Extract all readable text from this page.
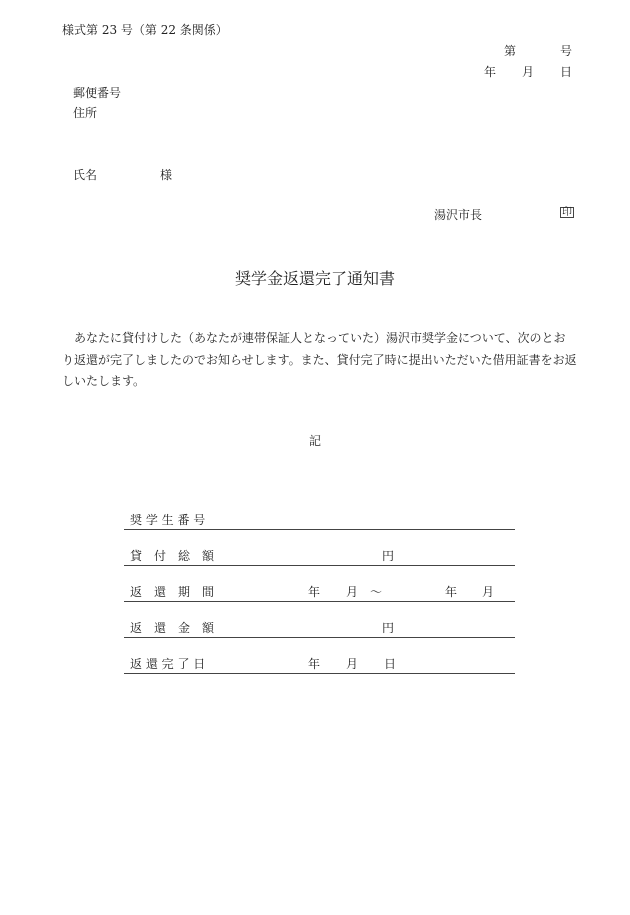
様式第 23 号（第 22 条関係）
第	号
年 月 日
郵便番号
住所
氏名	様
湯沢市長	印
奨学金返還完了通知書
あなたに貸付けした（あなたが連帯保証人となっていた）湯沢市奨学金について、次のとおり返還が完了しましたのでお知らせします。また、貸付完了時に提出いただいた借用証書をお返しいたします。
記
奨 学 生 番 号
貸　付　総　額	円
返　還　期　間	年 月 ～	年 月
返　還　金　額	円
返 還 完 了 日	年 月 日
